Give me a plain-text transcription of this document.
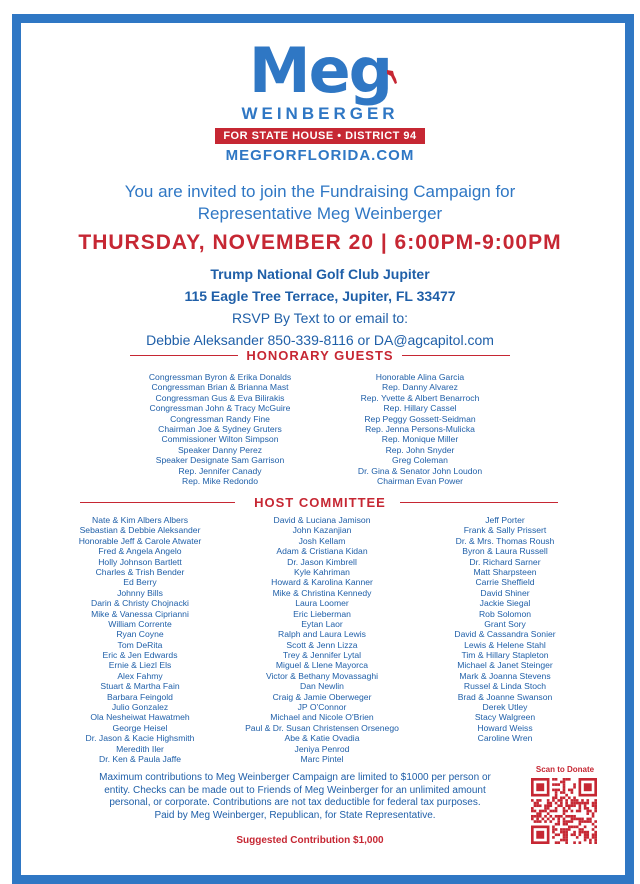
Meg
WEINBERGER
FOR STATE HOUSE • DISTRICT 94
MEGFORFLORIDA.COM
You are invited to join the Fundraising Campaign for
Representative Meg Weinberger
THURSDAY, NOVEMBER 20 | 6:00PM-9:00PM
Trump National Golf Club Jupiter
115 Eagle Tree Terrace, Jupiter, FL 33477
RSVP By Text to or email to:
Debbie Aleksander 850-339-8116 or DA@agcapitol.com
HONORARY GUESTS
Congressman Byron & Erika Donalds
Congressman Brian & Brianna Mast
Congressman Gus & Eva Bilirakis
Congressman John & Tracy McGuire
Congressman Randy Fine
Chairman Joe & Sydney Gruters
Commissioner Wilton Simpson
Speaker Danny Perez
Speaker Designate Sam Garrison
Rep. Jennifer Canady
Rep. Mike Redondo
Honorable Alina Garcia
Rep. Danny Alvarez
Rep. Yvette & Albert Benarroch
Rep. Hillary Cassel
Rep Peggy Gossett-Seidman
Rep. Jenna Persons-Mulicka
Rep. Monique Miller
Rep. John Snyder
Greg Coleman
Dr. Gina & Senator John Loudon
Chairman Evan Power
HOST COMMITTEE
Nate & Kim Albers Albers
Sebastian & Debbie Aleksander
Honorable Jeff & Carole Atwater
Fred & Angela Angelo
Holly Johnson Bartlett
Charles & Trish Bender
Ed Berry
Johnny Bills
Darin & Christy Chojnacki
Mike & Vanessa Ciprianni
William Corrente
Ryan Coyne
Tom DeRita
Eric & Jen Edwards
Ernie & Liezl Els
Alex Fahmy
Stuart & Martha Fain
Barbara Feingold
Julio Gonzalez
Ola Nesheiwat Hawatmeh
George Heisel
Dr. Jason & Kacie Highsmith
Meredith Iler
Dr. Ken & Paula Jaffe
David & Luciana Jamison
John Kazanjian
Josh Kellam
Adam & Cristiana Kidan
Dr. Jason Kimbrell
Kyle Kahriman
Howard & Karolina Kanner
Mike & Christina Kennedy
Laura Loomer
Eric Lieberman
Eytan Laor
Ralph and Laura Lewis
Scott & Jenn Lizza
Trey & Jennifer Lytal
Miguel & Llene Mayorca
Victor & Bethany Movassaghi
Dan Newlin
Craig & Jamie Oberweger
JP O'Connor
Michael and Nicole O'Brien
Paul & Dr. Susan Christensen Orsenego
Abe & Katie Ovadia
Jeniya Penrod
Marc Pintel
Jeff Porter
Frank & Sally Prissert
Dr. & Mrs. Thomas Roush
Byron & Laura Russell
Dr. Richard Sarner
Matt Sharpsteen
Carrie Sheffield
David Shiner
Jackie Siegal
Rob Solomon
Grant Sory
David & Cassandra Sonier
Lewis & Helene Stahl
Tim & Hillary Stapleton
Michael & Janet Steinger
Mark & Joanna Stevens
Russel & Linda Stoch
Brad & Joanne Swanson
Derek Utley
Stacy Walgreen
Howard Weiss
Caroline Wren
Maximum contributions to Meg Weinberger Campaign are limited to $1000 per person or
entity. Checks can be made out to Friends of Meg Weinberger for an unlimited amount
personal, or corporate. Contributions are not tax deductible for federal tax purposes.
Paid by Meg Weinberger, Republican, for State Representative.
Suggested Contribution $1,000
Scan to Donate
